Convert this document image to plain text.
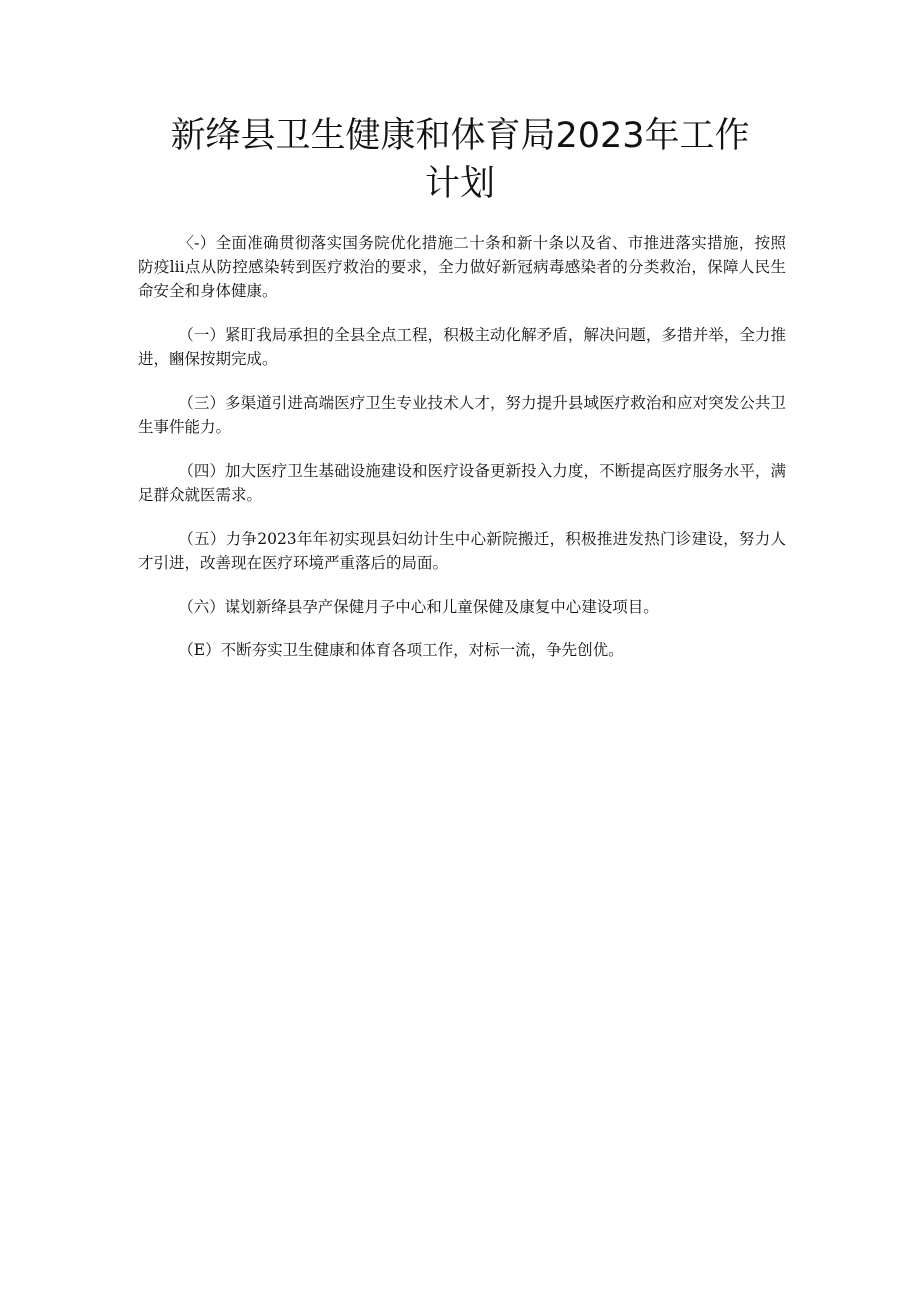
新绛县卫生健康和体育局2023年工作
计划

〈-）全面准确贯彻落实国务院优化措施二十条和新十条以及省、市推进落实措施，按照防疫lii点从防控感染转到医疗救治的要求，全力做好新冠病毒感染者的分类救治，保障人民生命安全和身体健康。

（一）紧盯我局承担的全县全点工程，积极主动化解矛盾，解决问题，多措并举，全力推进，豳保按期完成。

（三）多渠道引进高端医疗卫生专业技术人才，努力提升县域医疗救治和应对突发公共卫生事件能力。

（四）加大医疗卫生基础设施建设和医疗设备更新投入力度，不断提高医疗服务水平，满足群众就医需求。

（五）力争2023年年初实现县妇幼计生中心新院搬迁，积极推进发热门诊建设，努力人才引进，改善现在医疗环境严重落后的局面。

（六）谋划新绛县孕产保健月子中心和儿童保健及康复中心建设项目。

（E）不断夯实卫生健康和体育各项工作，对标一流，争先创优。
